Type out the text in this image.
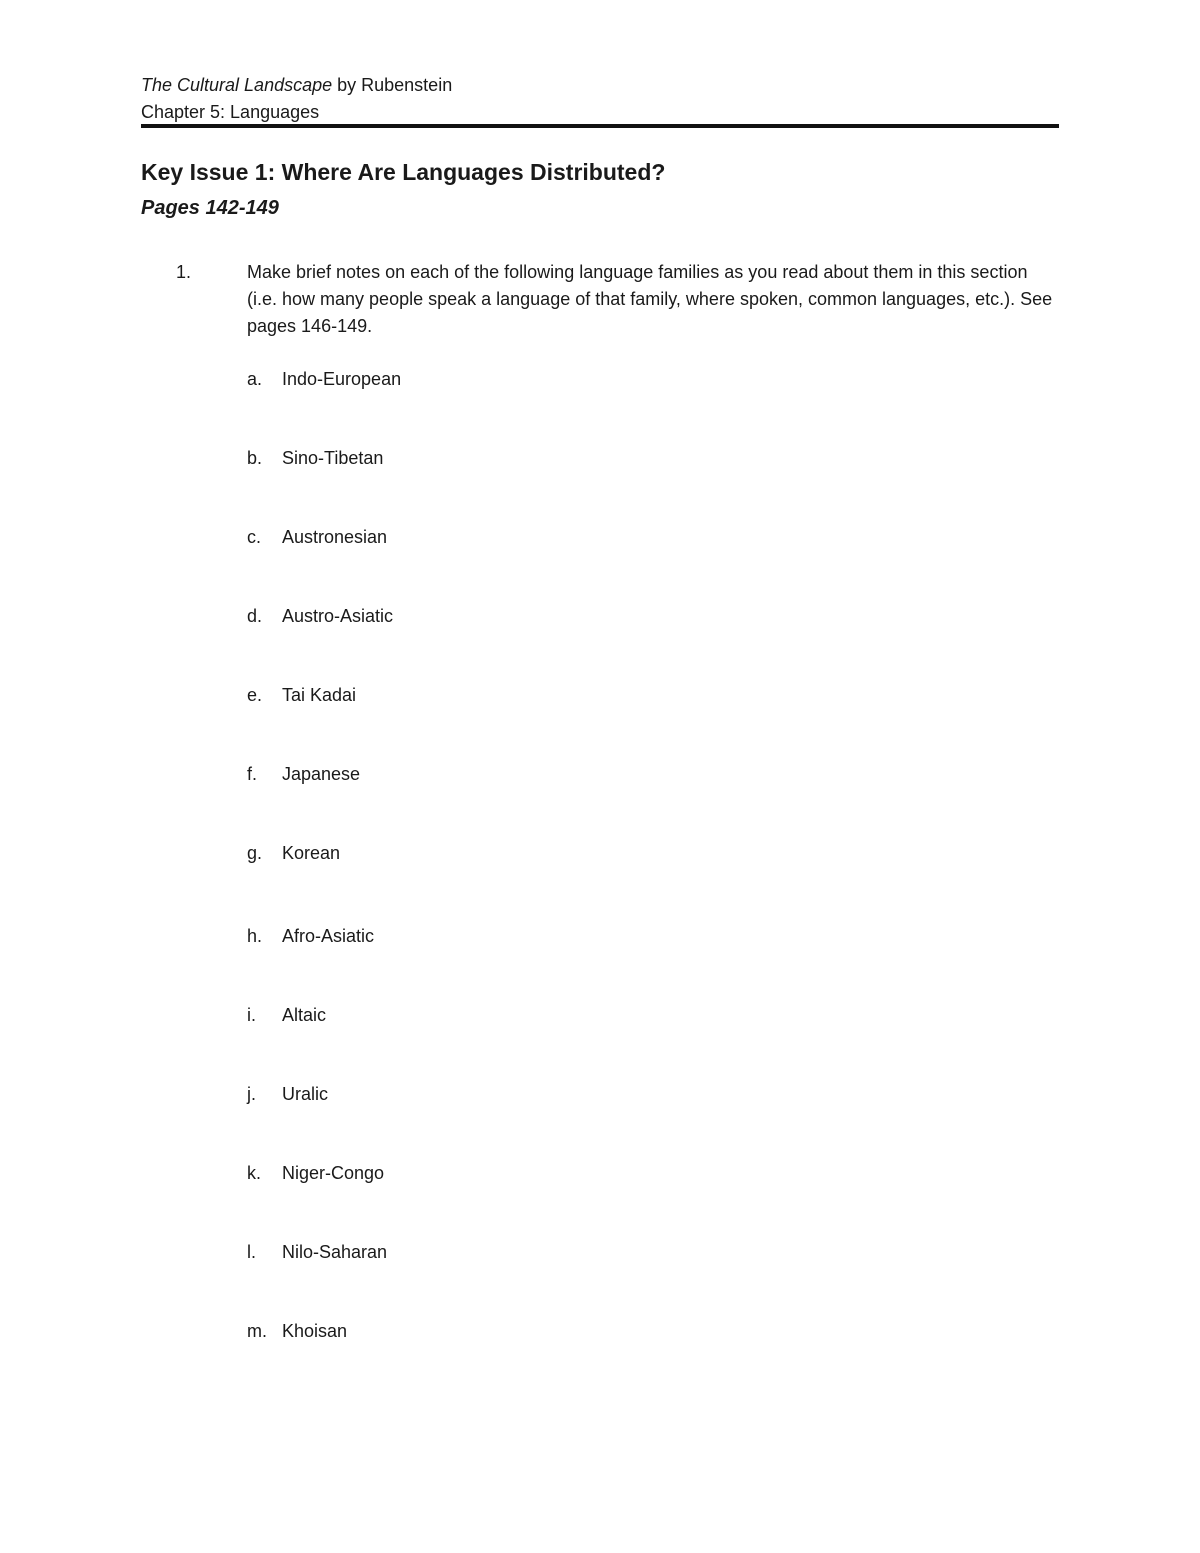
The Cultural Landscape by Rubenstein
Chapter 5: Languages
Key Issue 1: Where Are Languages Distributed?
Pages 142-149
1.	Make brief notes on each of the following language families as you read about them in this section (i.e. how many people speak a language of that family, where spoken, common languages, etc.). See pages 146-149.
a.	Indo-European
b.	Sino-Tibetan
c.	Austronesian
d.	Austro-Asiatic
e.	Tai Kadai
f.	Japanese
g.	Korean
h.	Afro-Asiatic
i.	Altaic
j.	Uralic
k.	Niger-Congo
l.	Nilo-Saharan
m. Khoisan
